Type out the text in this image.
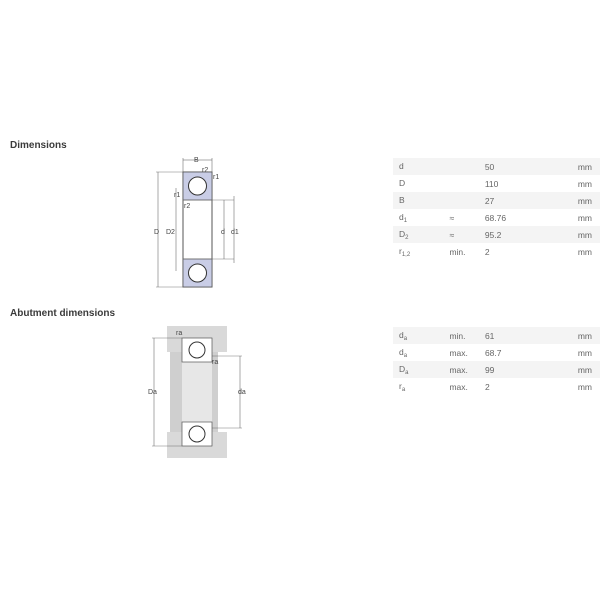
Dimensions
B
r2
r1
r1
r2
D D2	d d1
d		50	mm
D		110	mm
B		27	mm
$d_1$	≈	68.76	mm
$D_2$	≈	95.2	mm
$r_{1,2}$	min.	2	mm
Abutment dimensions
ra
ra
Da	da
$d_a$	min.	61	mm
$d_a$	max.	68.7	mm
$D_a$	max.	99	mm
$r_a$	max.	2	mm
